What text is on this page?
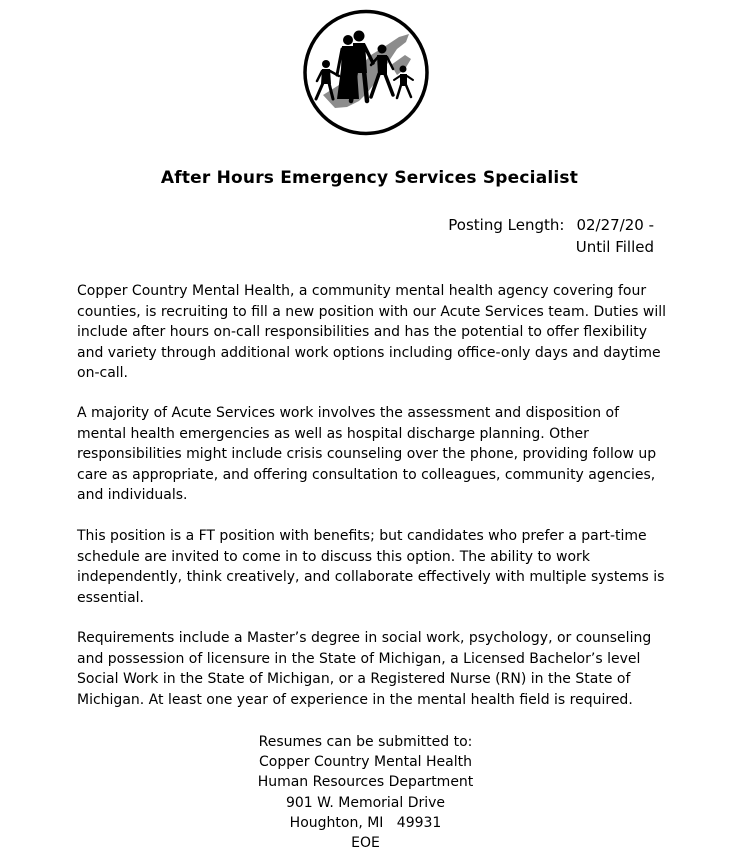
After Hours Emergency Services Specialist
Posting Length: 02/27/20 -
Until Filled

Copper Country Mental Health, a community mental health agency covering four counties, is recruiting to fill a new position with our Acute Services team. Duties will include after hours on-call responsibilities and has the potential to offer flexibility and variety through additional work options including office-only days and daytime on-call.

A majority of Acute Services work involves the assessment and disposition of mental health emergencies as well as hospital discharge planning. Other responsibilities might include crisis counseling over the phone, providing follow up care as appropriate, and offering consultation to colleagues, community agencies, and individuals.

This position is a FT position with benefits; but candidates who prefer a part-time schedule are invited to come in to discuss this option. The ability to work independently, think creatively, and collaborate effectively with multiple systems is essential.

Requirements include a Master’s degree in social work, psychology, or counseling and possession of licensure in the State of Michigan, a Licensed Bachelor’s level Social Work in the State of Michigan, or a Registered Nurse (RN) in the State of Michigan. At least one year of experience in the mental health field is required.

Resumes can be submitted to:
Copper Country Mental Health
Human Resources Department
901 W. Memorial Drive
Houghton, MI   49931
EOE
